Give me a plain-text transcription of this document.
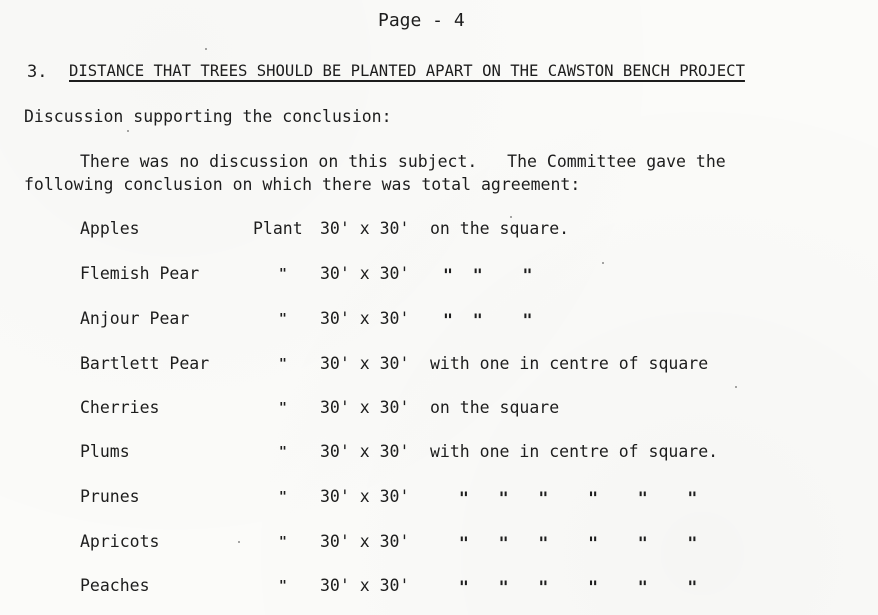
Page - 4
3. DISTANCE THAT TREES SHOULD BE PLANTED APART ON THE CAWSTON BENCH PROJECT
Discussion supporting the conclusion:
There was no discussion on this subject.   The Committee gave the
following conclusion on which there was total agreement:
Apples	Plant 30' x 30' on the square.
Flemish Pear	" 30' x 30' "  "    "
Anjour Pear	" 30' x 30' "  "    "
Bartlett Pear	" 30' x 30' with one in centre of square
Cherries	" 30' x 30' on the square
Plums	" 30' x 30' with one in centre of square.
Prunes	" 30' x 30' "   "   "    "    "    "
Apricots	" 30' x 30' "   "   "    "    "    "
Peaches	" 30' x 30' "   "   "    "    "    "
